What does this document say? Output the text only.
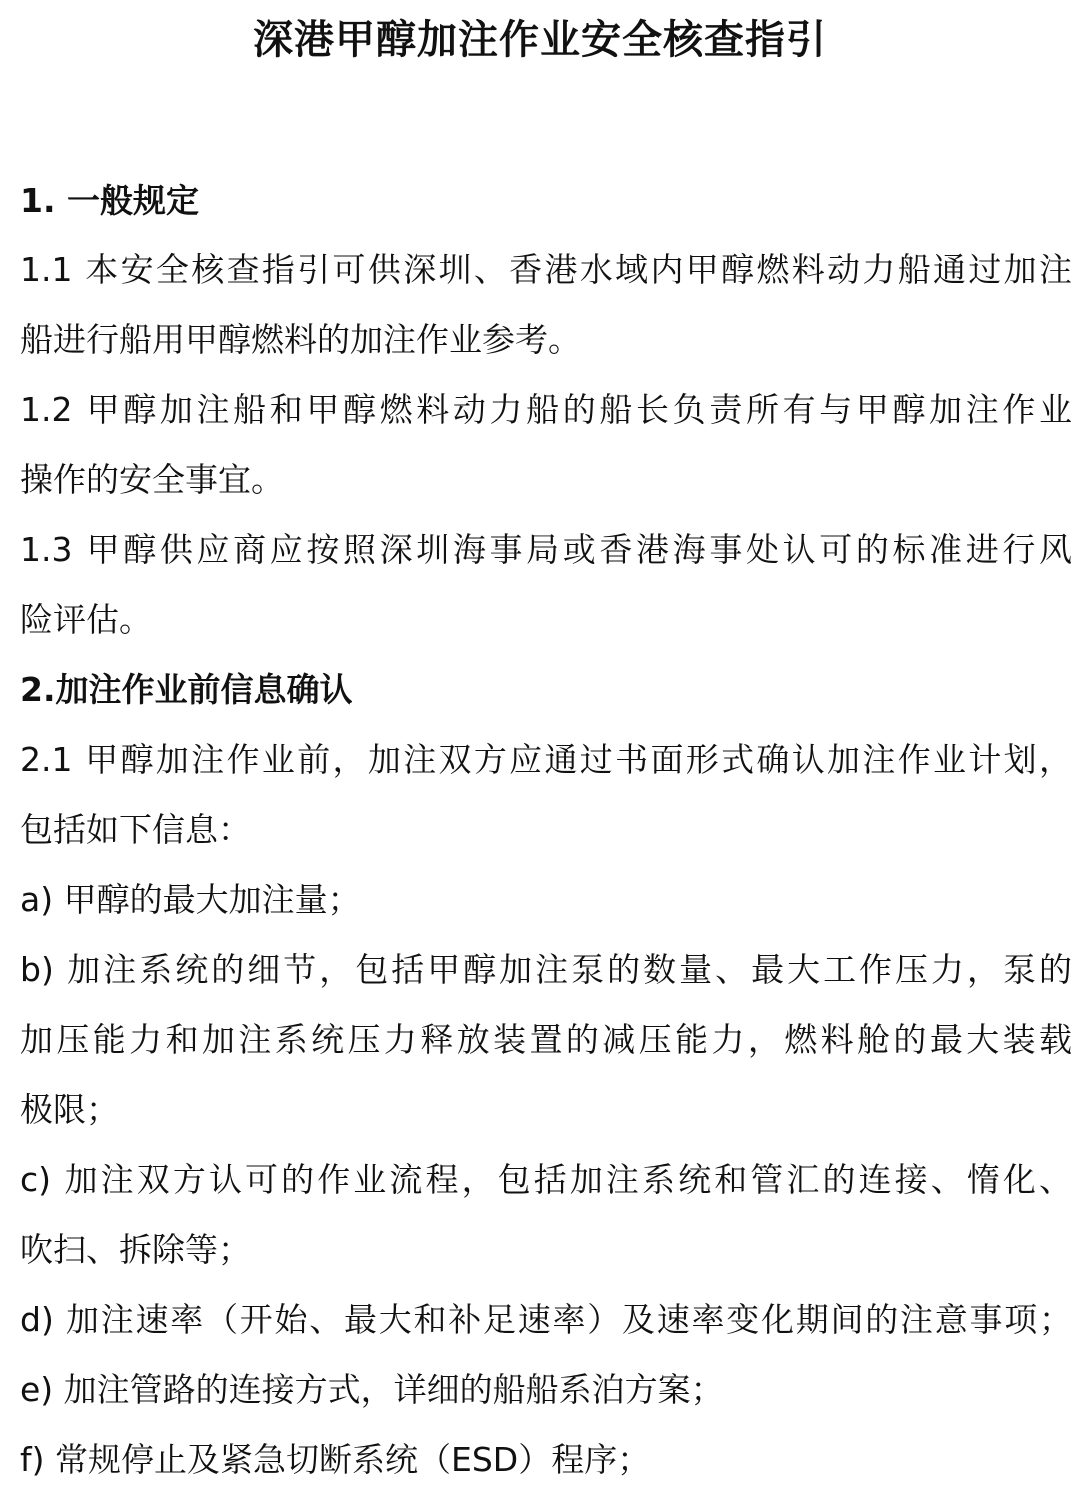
深港甲醇加注作业安全核查指引

1. 一般规定

1.1 本安全核查指引可供深圳、香港水域内甲醇燃料动力船通过加注

船进行船用甲醇燃料的加注作业参考。

1.2 甲醇加注船和甲醇燃料动力船的船长负责所有与甲醇加注作业

操作的安全事宜。

1.3 甲醇供应商应按照深圳海事局或香港海事处认可的标准进行风

险评估。

2.加注作业前信息确认

2.1 甲醇加注作业前，加注双方应通过书面形式确认加注作业计划，

包括如下信息：

a) 甲醇的最大加注量；

b) 加注系统的细节，包括甲醇加注泵的数量、最大工作压力，泵的

加压能力和加注系统压力释放装置的减压能力，燃料舱的最大装载

极限；

c) 加注双方认可的作业流程，包括加注系统和管汇的连接、惰化、

吹扫、拆除等；

d) 加注速率（开始、最大和补足速率）及速率变化期间的注意事项；

e) 加注管路的连接方式，详细的船船系泊方案；

f) 常规停止及紧急切断系统（ESD）程序；
